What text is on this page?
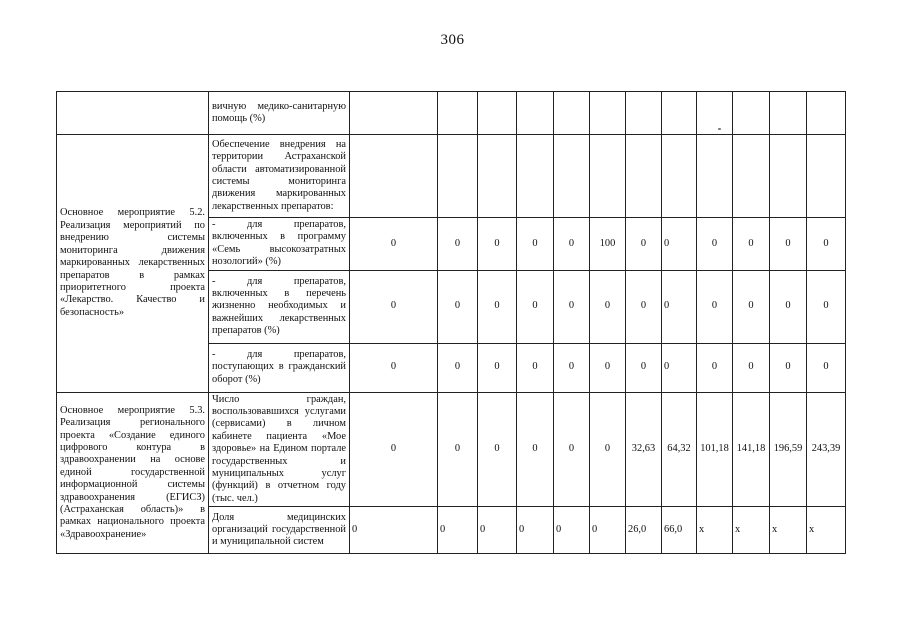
306
	вичную медико-санитарную помощь (%)												
Основное мероприятие 5.2. Реализация мероприятий по внедрению системы мониторинга движения маркированных лекарственных препаратов в рамках приоритетного проекта «Лекарство. Качество и безопасность»	Обеспечение внедрения на территории Астраханской области автоматизированной системы мониторинга движения маркированных лекарственных препаратов:												
	- для препаратов, включенных в программу «Семь высокозатратных нозологий» (%)	0	0	0	0	0	100	0	0	0	0	0	0
	- для препаратов, включенных в перечень жизненно необходимых и важнейших лекарственных препаратов (%)	0	0	0	0	0	0	0	0	0	0	0	0
	- для препаратов, поступающих в гражданский оборот (%)	0	0	0	0	0	0	0	0	0	0	0	0
Основное мероприятие 5.3. Реализация регионального проекта «Создание единого цифрового контура в здравоохранении на основе единой государственной информационной системы здравоохранения (ЕГИСЗ) (Астраханская область)» в рамках национального проекта «Здравоохранение»	Число граждан, воспользовавшихся услугами (сервисами) в личном кабинете пациента «Мое здоровье» на Едином портале государственных и муниципальных услуг (функций) в отчетном году (тыс. чел.)	0	0	0	0	0	0	32,63	64,32	101,18	141,18	196,59	243,39
	Доля медицинских организаций государственной и муниципальной систем	0	0	0	0	0	0	26,0	66,0	х	х	х	х
